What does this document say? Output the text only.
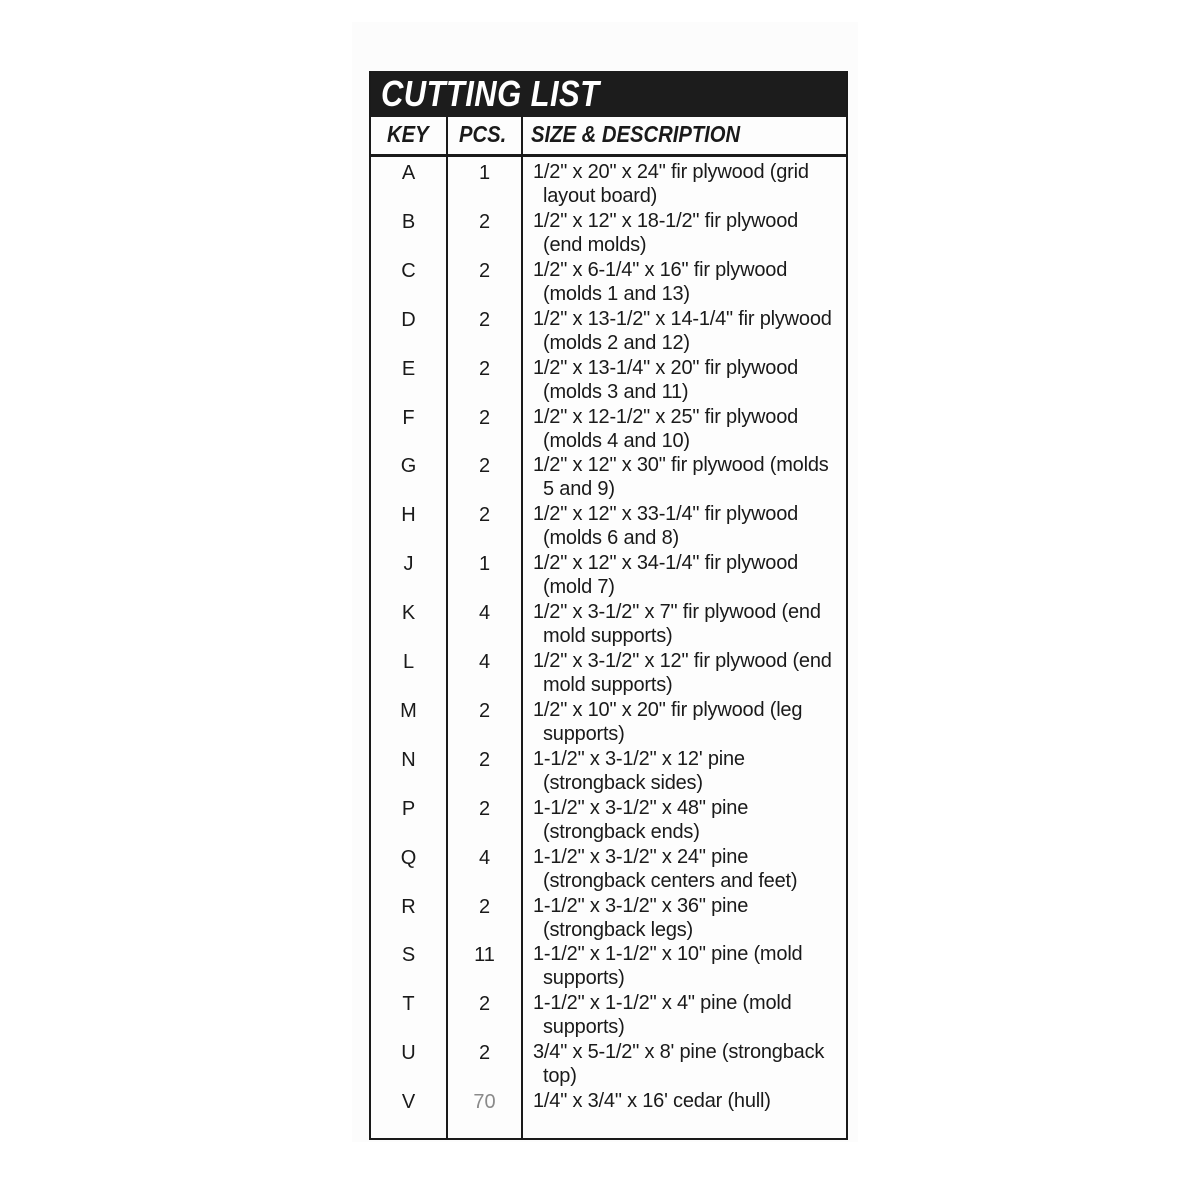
CUTTING LIST
KEY PCS. SIZE & DESCRIPTION
A	1	1/2" x 20" x 24" fir plywood (grid layout board)
B	2	1/2" x 12" x 18-1/2" fir plywood (end molds)
C	2	1/2" x 6-1/4" x 16" fir plywood (molds 1 and 13)
D	2	1/2" x 13-1/2" x 14-1/4" fir plywood (molds 2 and 12)
E	2	1/2" x 13-1/4" x 20" fir plywood (molds 3 and 11)
F	2	1/2" x 12-1/2" x 25" fir plywood (molds 4 and 10)
G	2	1/2" x 12" x 30" fir plywood (molds 5 and 9)
H	2	1/2" x 12" x 33-1/4" fir plywood (molds 6 and 8)
J	1	1/2" x 12" x 34-1/4" fir plywood (mold 7)
K	4	1/2" x 3-1/2" x 7" fir plywood (end mold supports)
L	4	1/2" x 3-1/2" x 12" fir plywood (end mold supports)
M	2	1/2" x 10" x 20" fir plywood (leg supports)
N	2	1-1/2" x 3-1/2" x 12' pine (strongback sides)
P	2	1-1/2" x 3-1/2" x 48" pine (strongback ends)
Q	4	1-1/2" x 3-1/2" x 24" pine (strongback centers and feet)
R	2	1-1/2" x 3-1/2" x 36" pine (strongback legs)
S	11	1-1/2" x 1-1/2" x 10" pine (mold supports)
T	2	1-1/2" x 1-1/2" x 4" pine (mold supports)
U	2	3/4" x 5-1/2" x 8' pine (strongback top)
V	70	1/4" x 3/4" x 16' cedar (hull)
